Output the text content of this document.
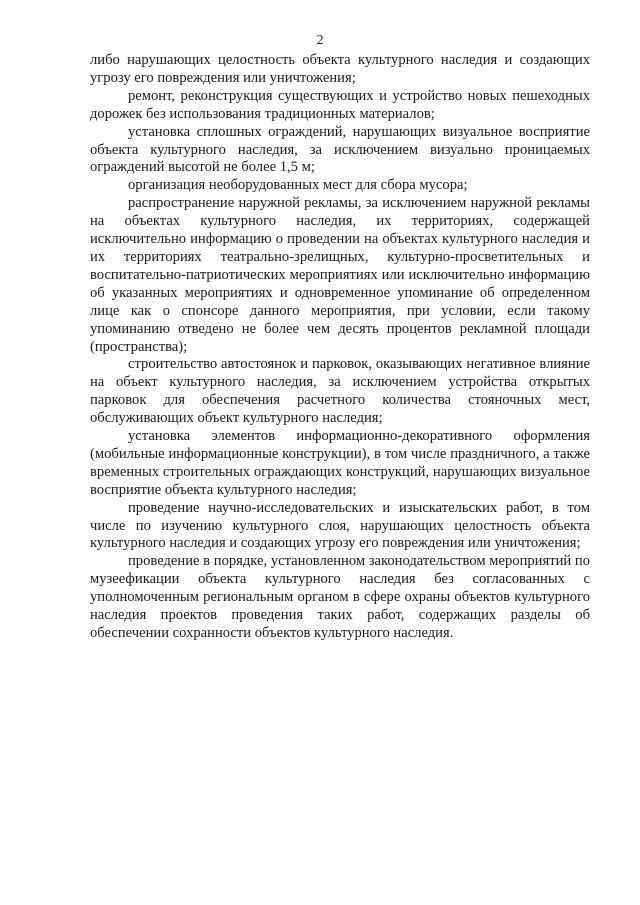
2

либо нарушающих целостность объекта культурного наследия и создающих угрозу его повреждения или уничтожения;

ремонт, реконструкция существующих и устройство новых пешеходных дорожек без использования традиционных материалов;

установка сплошных ограждений, нарушающих визуальное восприятие объекта культурного наследия, за исключением визуально проницаемых ограждений высотой не более 1,5 м;

организация необорудованных мест для сбора мусора;

распространение наружной рекламы, за исключением наружной рекламы на объектах культурного наследия, их территориях, содержащей исключительно информацию о проведении на объектах культурного наследия и их территориях театрально-зрелищных, культурно-просветительных и воспитательно-патриотических мероприятиях или исключительно информацию об указанных мероприятиях и одновременное упоминание об определенном лице как о спонсоре данного мероприятия, при условии, если такому упоминанию отведено не более чем десять процентов рекламной площади (пространства);

строительство автостоянок и парковок, оказывающих негативное влияние на объект культурного наследия, за исключением устройства открытых парковок для обеспечения расчетного количества стояночных мест, обслуживающих объект культурного наследия;

установка элементов информационно-декоративного оформления (мобильные информационные конструкции), в том числе праздничного, а также временных строительных ограждающих конструкций, нарушающих визуальное восприятие объекта культурного наследия;

проведение научно-исследовательских и изыскательских работ, в том числе по изучению культурного слоя, нарушающих целостность объекта культурного наследия и создающих угрозу его повреждения или уничтожения;

проведение в порядке, установленном законодательством мероприятий по музеефикации объекта культурного наследия без согласованных с уполномоченным региональным органом в сфере охраны объектов культурного наследия проектов проведения таких работ, содержащих разделы об обеспечении сохранности объектов культурного наследия.
